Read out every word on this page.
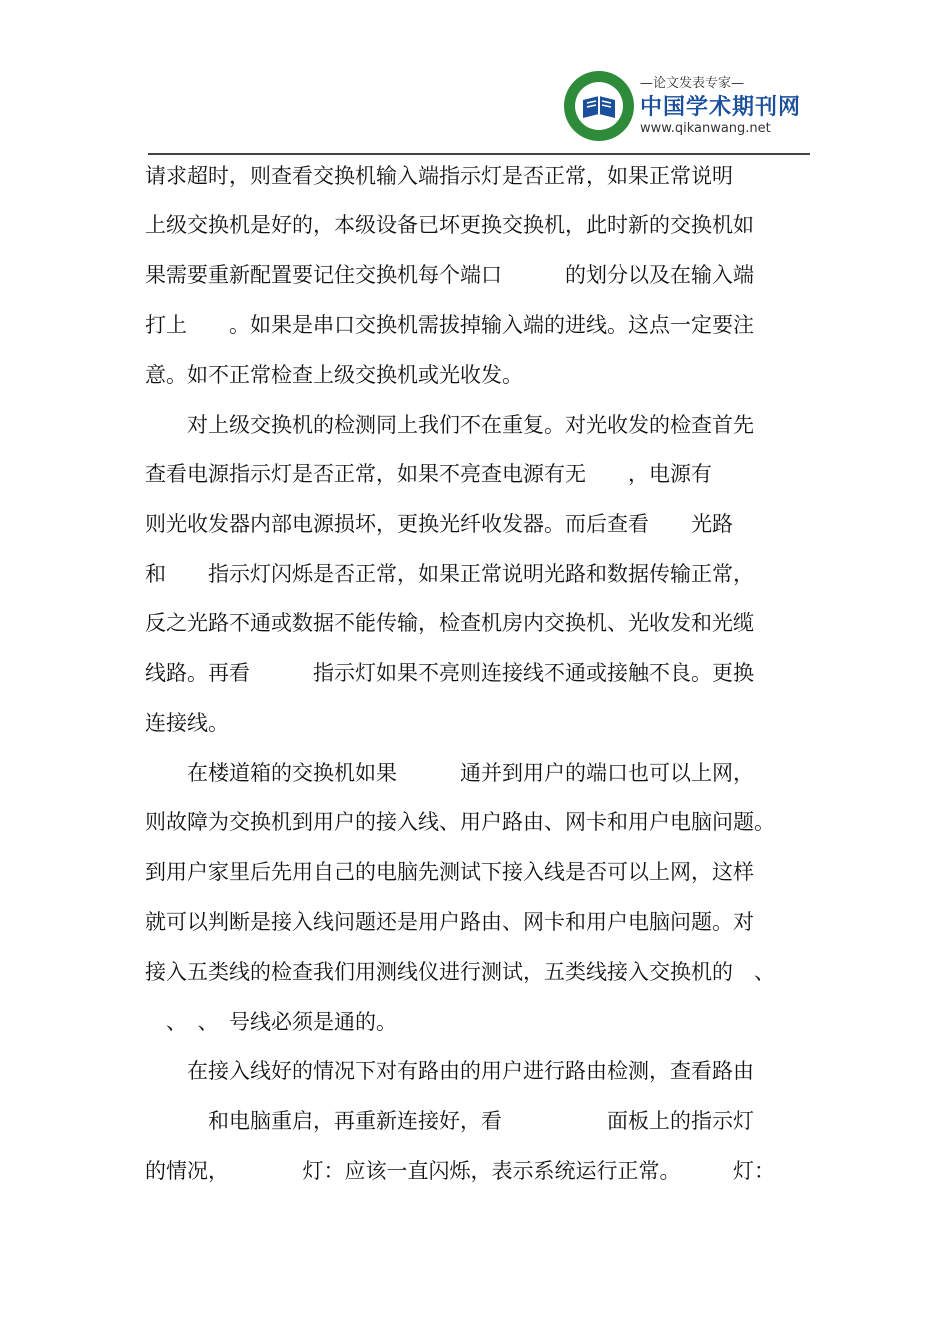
—论文发表专家—
中国学术期刊网
www.qikanwang.net
请求超时，则查看交换机输入端指示灯是否正常，如果正常说明
上级交换机是好的，本级设备已坏更换交换机，此时新的交换机如
果需要重新配置要记住交换机每个端口　　　的划分以及在输入端
打上　　。如果是串口交换机需拔掉输入端的进线。这点一定要注
意。如不正常检查上级交换机或光收发。
　　对上级交换机的检测同上我们不在重复。对光收发的检查首先
查看电源指示灯是否正常，如果不亮查电源有无　　，电源有
则光收发器内部电源损坏，更换光纤收发器。而后查看　　光路
和　　指示灯闪烁是否正常，如果正常说明光路和数据传输正常，
反之光路不通或数据不能传输，检查机房内交换机、光收发和光缆
线路。再看　　　指示灯如果不亮则连接线不通或接触不良。更换
连接线。
　　在楼道箱的交换机如果　　　通并到用户的端口也可以上网，
则故障为交换机到用户的接入线、用户路由、网卡和用户电脑问题。
到用户家里后先用自己的电脑先测试下接入线是否可以上网，这样
就可以判断是接入线问题还是用户路由、网卡和用户电脑问题。对
接入五类线的检查我们用测线仪进行测试，五类线接入交换机的　、
　、　、　号线必须是通的。
　　在接入线好的情况下对有路由的用户进行路由检测，查看路由
　　　和电脑重启，再重新连接好，看　　　　　面板上的指示灯
的情况，　　　　灯：应该一直闪烁，表示系统运行正常。　　　灯：
